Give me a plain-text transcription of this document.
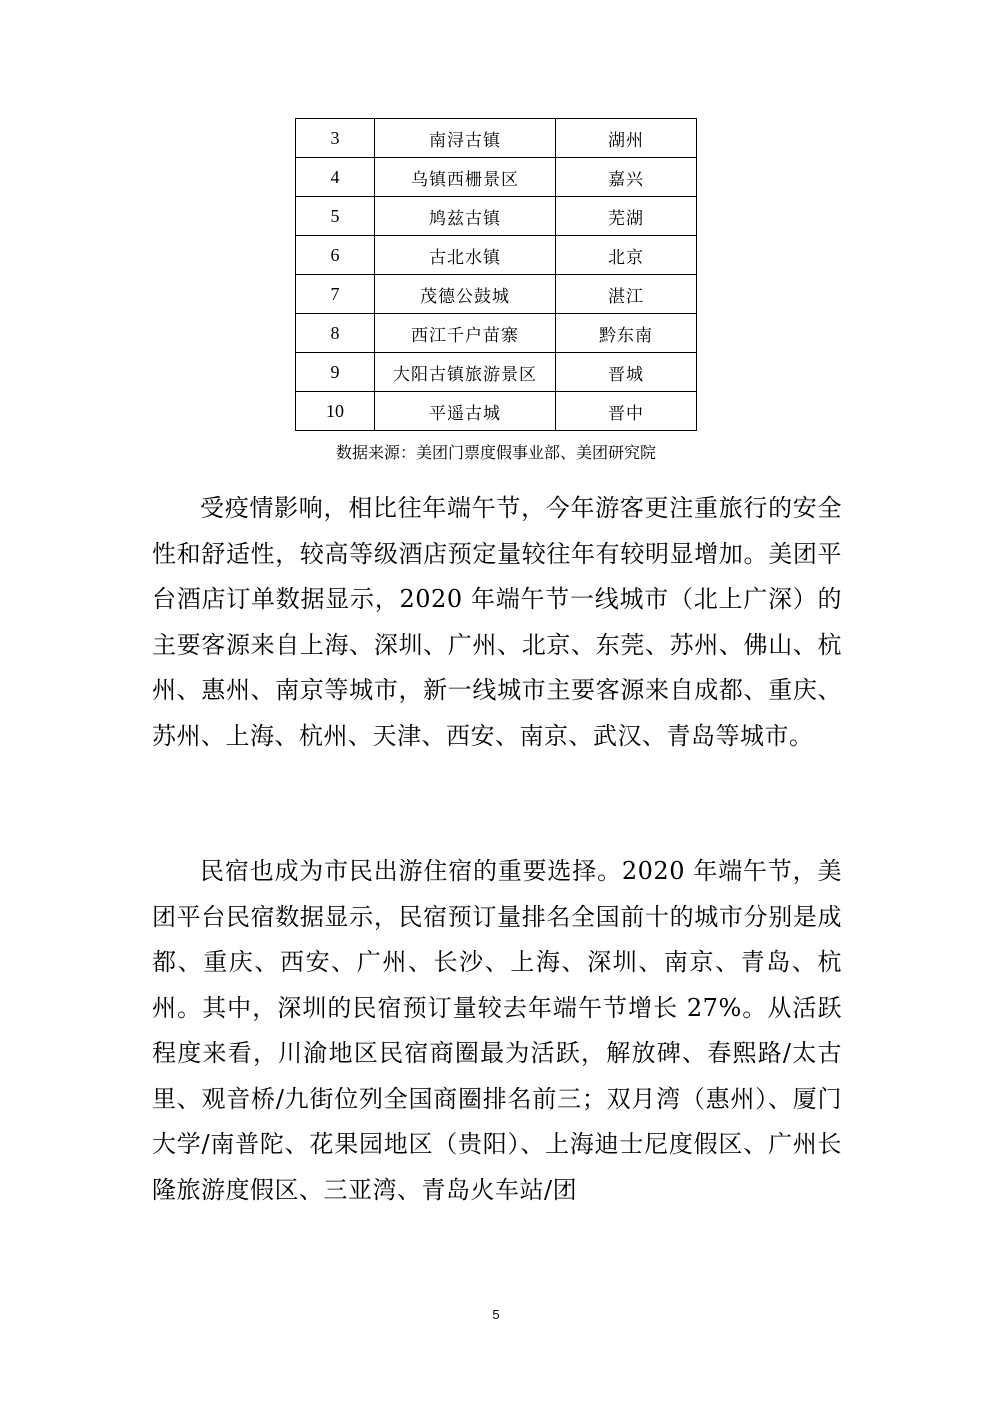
3	南浔古镇	湖州
4	乌镇西栅景区	嘉兴
5	鸠兹古镇	芜湖
6	古北水镇	北京
7	茂德公鼓城	湛江
8	西江千户苗寨	黔东南
9	大阳古镇旅游景区	晋城
10	平遥古城	晋中
数据来源：美团门票度假事业部、美团研究院

受疫情影响，相比往年端午节，今年游客更注重旅行的安全性和舒适性，较高等级酒店预定量较往年有较明显增加。美团平台酒店订单数据显示，2020 年端午节一线城市（北上广深）的主要客源来自上海、深圳、广州、北京、东莞、苏州、佛山、杭州、惠州、南京等城市，新一线城市主要客源来自成都、重庆、苏州、上海、杭州、天津、西安、南京、武汉、青岛等城市。

民宿也成为市民出游住宿的重要选择。2020 年端午节，美团平台民宿数据显示，民宿预订量排名全国前十的城市分别是成都、重庆、西安、广州、长沙、上海、深圳、南京、青岛、杭州。其中，深圳的民宿预订量较去年端午节增长 27%。从活跃程度来看，川渝地区民宿商圈最为活跃，解放碑、春熙路/太古里、观音桥/九街位列全国商圈排名前三；双月湾（惠州）、厦门大学/南普陀、花果园地区（贵阳）、上海迪士尼度假区、广州长隆旅游度假区、三亚湾、青岛火车站/团

5
